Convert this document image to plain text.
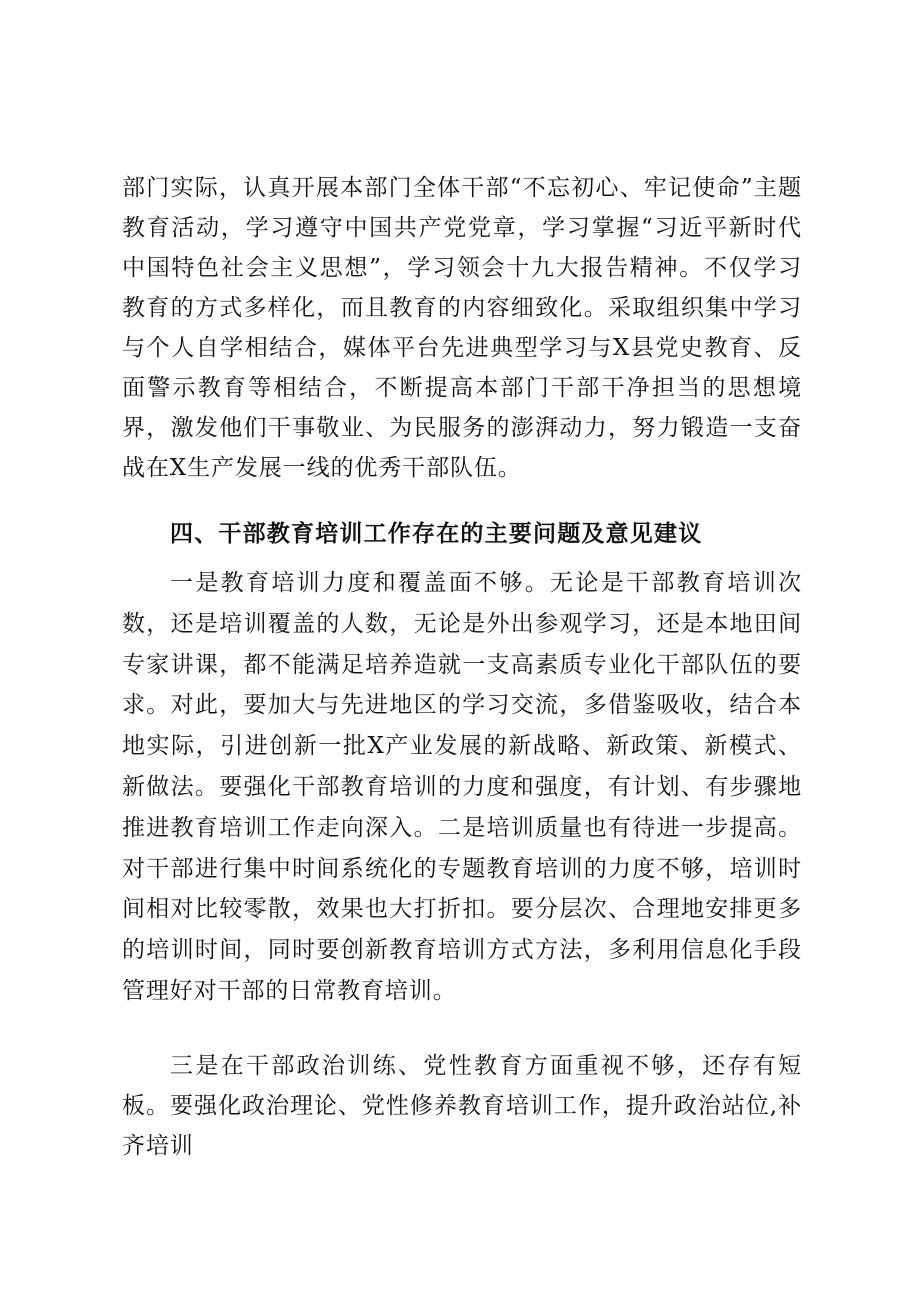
部门实际，认真开展本部门全体干部“不忘初心、牢记使命”主题教育活动，学习遵守中国共产党党章，学习掌握“习近平新时代中国特色社会主义思想”，学习领会十九大报告精神。不仅学习教育的方式多样化，而且教育的内容细致化。采取组织集中学习与个人自学相结合，媒体平台先进典型学习与X县党史教育、反面警示教育等相结合，不断提高本部门干部干净担当的思想境界，激发他们干事敬业、为民服务的澎湃动力，努力锻造一支奋战在X生产发展一线的优秀干部队伍。

四、干部教育培训工作存在的主要问题及意见建议

一是教育培训力度和覆盖面不够。无论是干部教育培训次数，还是培训覆盖的人数，无论是外出参观学习，还是本地田间专家讲课，都不能满足培养造就一支高素质专业化干部队伍的要求。对此，要加大与先进地区的学习交流，多借鉴吸收，结合本地实际，引进创新一批X产业发展的新战略、新政策、新模式、新做法。要强化干部教育培训的力度和强度，有计划、有步骤地推进教育培训工作走向深入。二是培训质量也有待进一步提高。对干部进行集中时间系统化的专题教育培训的力度不够，培训时间相对比较零散，效果也大打折扣。要分层次、合理地安排更多的培训时间，同时要创新教育培训方式方法，多利用信息化手段管理好对干部的日常教育培训。

三是在干部政治训练、党性教育方面重视不够，还存有短板。要强化政治理论、党性修养教育培训工作，提升政治站位,补齐培训
